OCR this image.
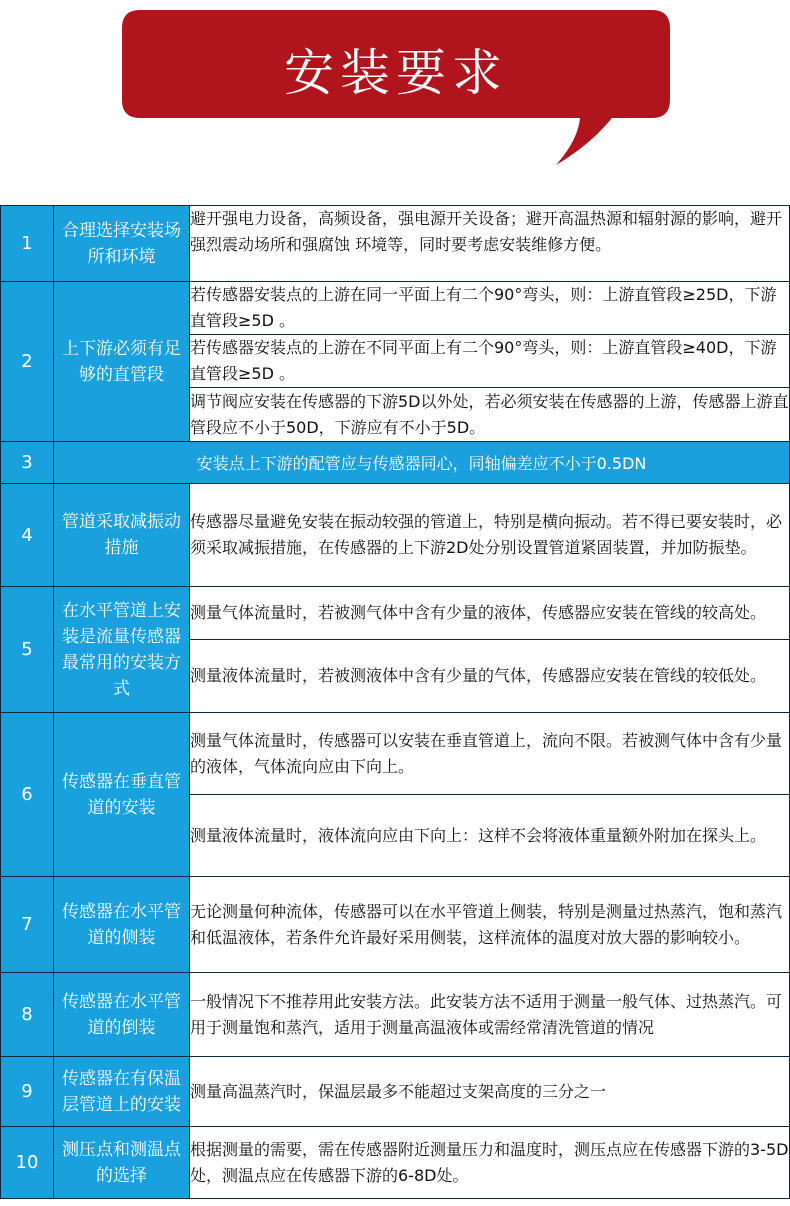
安装要求
1	合理选择安装场所和环境	避开强电力设备，高频设备，强电源开关设备；避开高温热源和辐射源的影响，避开强烈震动场所和强腐蚀 环境等，同时要考虑安装维修方便。

2	上下游必须有足够的直管段	若传感器安装点的上游在同一平面上有二个90°弯头，则：上游直管段≥25D，下游直管段≥5D 。
		若传感器安装点的上游在不同平面上有二个90°弯头，则：上游直管段≥40D，下游直管段≥5D 。
		调节阀应安装在传感器的下游5D以外处，若必须安装在传感器的上游，传感器上游直管段应不小于50D，下游应有不小于5D。
3	安装点上下游的配管应与传感器同心，同轴偏差应不小于0.5DN	
4	管道采取减振动措施	传感器尽量避免安装在振动较强的管道上，特别是横向振动。若不得已要安装时，必须采取减振措施，在传感器的上下游2D处分别设置管道紧固装置，并加防振垫。
5	在水平管道上安装是流量传感器最常用的安装方式	测量气体流量时，若被测气体中含有少量的液体，传感器应安装在管线的较高处。
		测量液体流量时，若被测液体中含有少量的气体，传感器应安装在管线的较低处。
6	传感器在垂直管道的安装	测量气体流量时，传感器可以安装在垂直管道上，流向不限。若被测气体中含有少量的液体，气体流向应由下向上。
		测量液体流量时，液体流向应由下向上：这样不会将液体重量额外附加在探头上。
7	传感器在水平管道的侧装	无论测量何种流体，传感器可以在水平管道上侧装，特别是测量过热蒸汽，饱和蒸汽和低温液体，若条件允许最好采用侧装，这样流体的温度对放大器的影响较小。
8	传感器在水平管道的倒装	一般情况下不推荐用此安装方法。此安装方法不适用于测量一般气体、过热蒸汽。可用于测量饱和蒸汽，适用于测量高温液体或需经常清洗管道的情况
9	传感器在有保温层管道上的安装	测量高温蒸汽时，保温层最多不能超过支架高度的三分之一
10	测压点和测温点的选择	根据测量的需要，需在传感器附近测量压力和温度时，测压点应在传感器下游的3-5D处，测温点应在传感器下游的6-8D处。
